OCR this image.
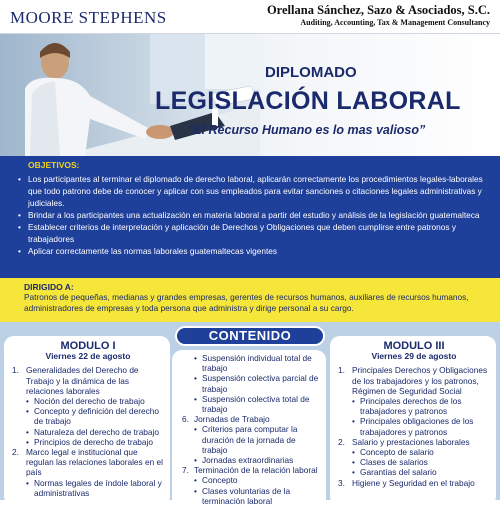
MOORE STEPHENS	Orellana Sánchez, Sazo & Asociados, S.C.
Auditing, Accounting, Tax & Management Consultancy
DIPLOMADO
LEGISLACIÓN LABORAL
“El Recurso Humano es lo mas valioso”
OBJETIVOS:
• Los participantes al terminar el diplomado de derecho laboral, aplicarán correctamente los procedimientos legales-laborales que todo patrono debe de conocer y aplicar con sus empleados para evitar sanciones o citaciones legales administrativas y judiciales.
• Brindar a los participantes una actualización en materia laboral a partir del estudio y análisis de la legislación guatemalteca
• Establecer criterios de interpretación y aplicación de Derechos y Obligaciones que deben cumplirse entre patronos y trabajadores
• Aplicar correctamente las normas laborales guatemaltecas vigentes
DIRIGIDO A:
Patronos de pequeñas, medianas y grandes empresas, gerentes de recursos humanos, auxiliares de recursos humanos, administradores de empresas y toda persona que administra y dirige personal a su cargo.
MODULO I
Viernes 22 de agosto
1. Generalidades del Derecho de Trabajo y la dinámica de las relaciones laborales
• Noción del derecho de trabajo
• Concepto y definición del derecho de trabajo
• Naturaleza del derecho de trabajo
• Principios de derecho de trabajo
2. Marco legal e institucional que regulan las relaciones laborales en el país
• Normas legales de índole laboral y administrativas
• Suspensión individual total de trabajo
• Suspensión colectiva parcial de trabajo
• Suspensión colectiva total de trabajo
6. Jornadas de Trabajo
• Criterios para computar la duración de la jornada de trabajo
• Jornadas extraordinarias
7. Terminación de la relación laboral
• Concepto
• Clases voluntarias de la terminación laboral
MODULO III
Viernes 29 de agosto
1. Principales Derechos y Obligaciones de los trabajadores y los patronos, Régimen de Seguridad Social
• Principales derechos de los trabajadores y patronos
• Principales obligaciones de los trabajadores y patronos
2. Salario y prestaciones laborales
• Concepto de salario
• Clases de salarios
• Garantías del salario
3. Higiene y Seguridad en el trabajo
CONTENIDO
